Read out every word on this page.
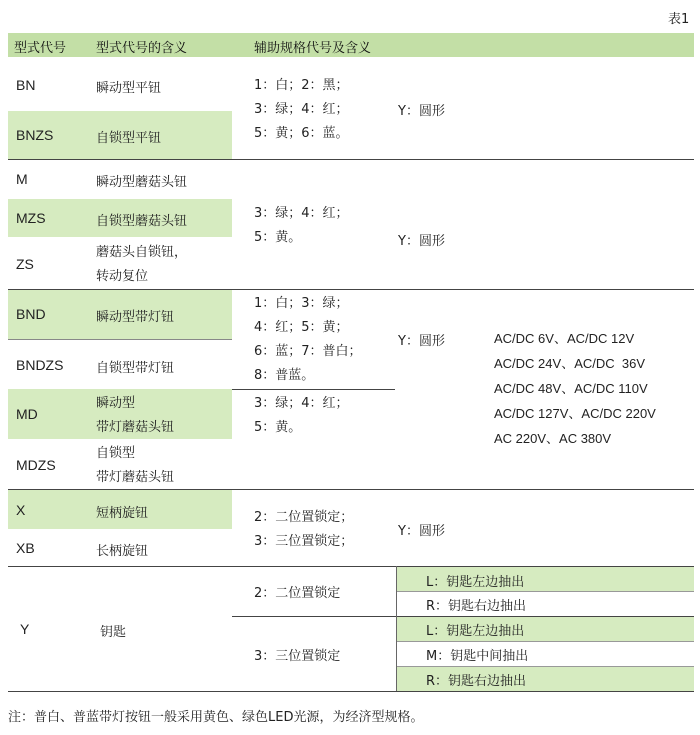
表1
型式代号 型式代号的含义	辅助规格代号及含义
BN
BNZS
M
MZS
ZS
BND
BNDZS
MD
MDZS
X
XB
Y
瞬动型平钮
自锁型平钮
瞬动型蘑菇头钮
自锁型蘑菇头钮
蘑菇头自锁钮，
转动复位
瞬动型带灯钮
自锁型带灯钮
瞬动型
带灯蘑菇头钮
自锁型
带灯蘑菇头钮
短柄旋钮
长柄旋钮
钥匙
1：白；2：黑；
3：绿；4：红；
5：黄；6：蓝。
Y：圆形
3：绿；4：红；
5：黄。	Y：圆形
1：白；3：绿；
4：红；5：黄；
6：蓝；7：普白；
8：普蓝。
Y：圆形
3：绿；4：红；
5：黄。
AC/DC 6V、AC/DC 12V
AC/DC 24V、AC/DC  36V
AC/DC 48V、AC/DC 110V
AC/DC 127V、AC/DC 220V
AC 220V、AC 380V
2：二位置锁定；
3：三位置锁定；
Y：圆形
2：二位置锁定
3：三位置锁定
L：钥匙左边抽出
R：钥匙右边抽出
L：钥匙左边抽出
M：钥匙中间抽出
R：钥匙右边抽出
注：普白、普蓝带灯按钮一般采用黄色、绿色LED光源，为经济型规格。
